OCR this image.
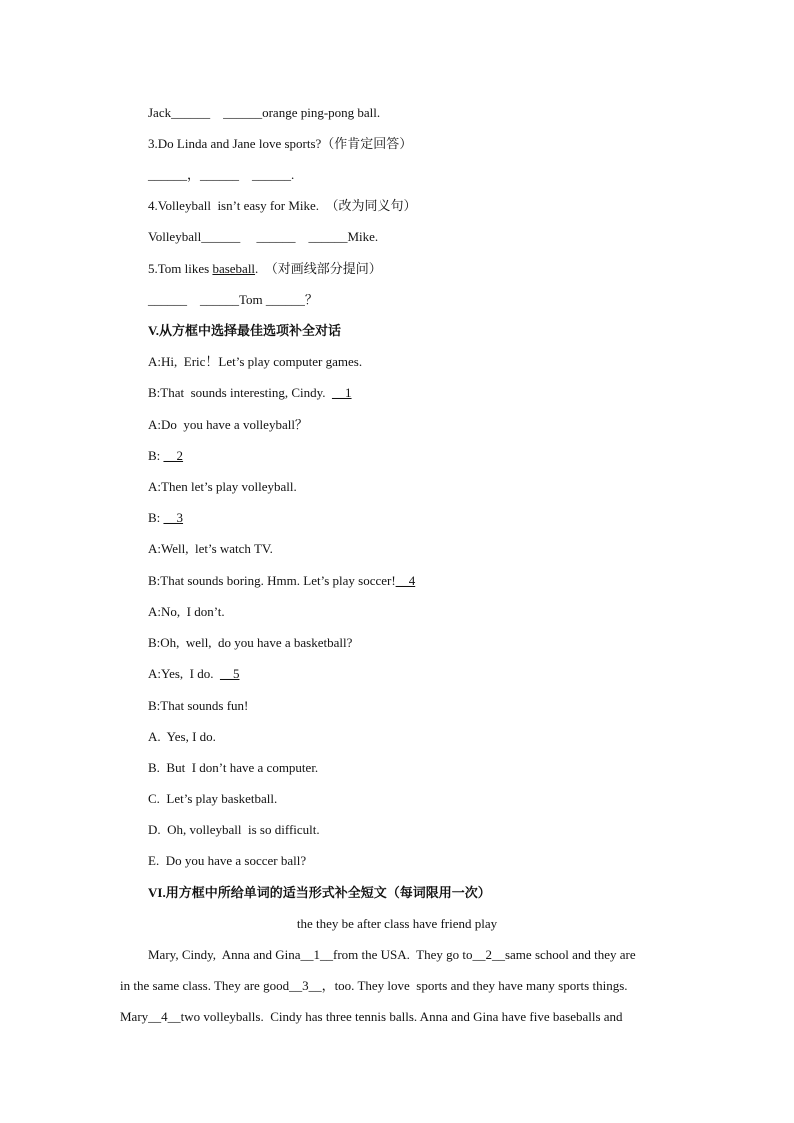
Jack______    ______orange ping-pong ball.
3.Do Linda and Jane love sports?（作肯定回答）
______，______    ______.
4.Volleyball  isn’t easy for Mike.  （改为同义句）
Volleyball______     ______    ______Mike.
5.Tom likes baseball.  （对画线部分提问）
______    ______Tom ______？
V.从方框中选择最佳选项补全对话
A:Hi,  Eric！Let’s play computer games.
B:That  sounds interesting, Cindy.  __1
A:Do  you have a volleyball？
B: __2
A:Then let’s play volleyball.
B: __3
A:Well,  let’s watch TV.
B:That sounds boring. Hmm. Let’s play soccer!__4
A:No,  I don’t.
B:Oh,  well,  do you have a basketball?
A:Yes,  I do.  __5
B:That sounds fun!
A.  Yes, I do.
B.  But  I don’t have a computer.
C.  Let’s play basketball.
D.  Oh, volleyball  is so difficult.
E.  Do you have a soccer ball?
VI.用方框中所给单词的适当形式补全短文（每词限用一次）
the they be after class have friend play
Mary, Cindy,  Anna and Gina__1__from the USA.  They go to__2__same school and they are
in the same class. They are good__3__，too. They love  sports and they have many sports things.
Mary__4__two volleyballs.  Cindy has three tennis balls. Anna and Gina have five baseballs and
